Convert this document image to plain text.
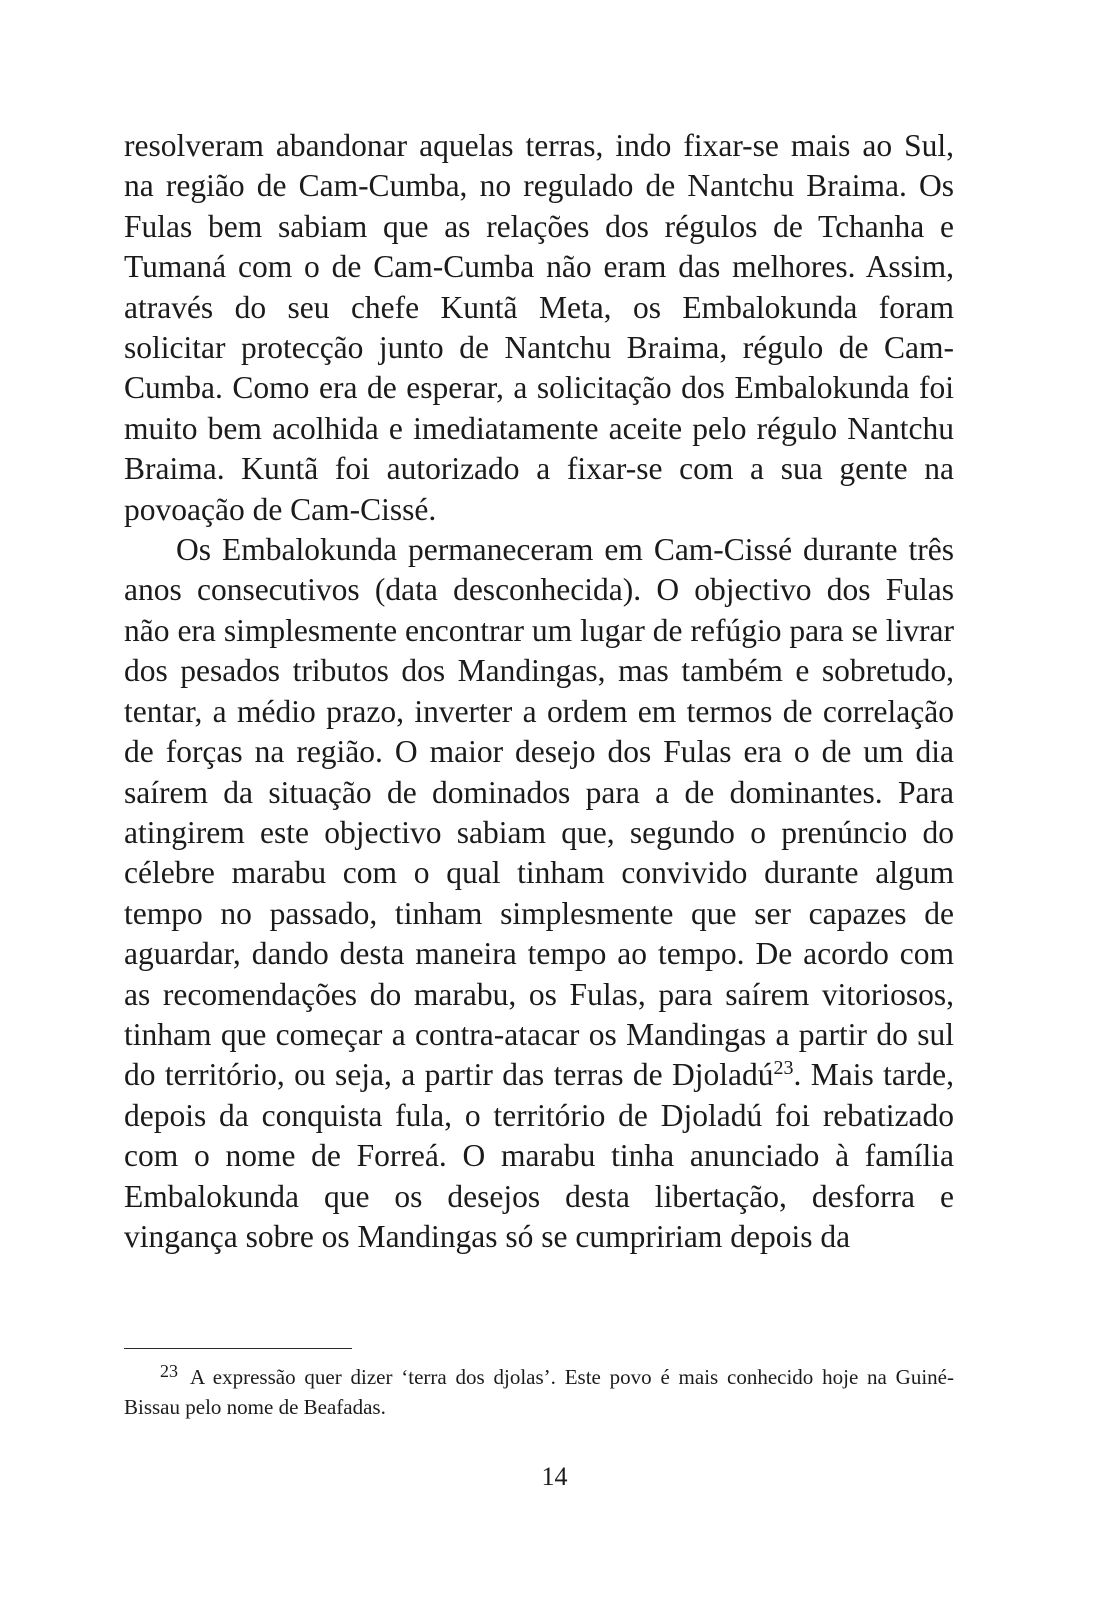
resolveram abandonar aquelas terras, indo fixar-se mais ao Sul, na região de Cam-Cumba, no regulado de Nantchu Braima. Os Fulas bem sabiam que as relações dos régulos de Tchanha e Tumaná com o de Cam-Cumba não eram das melhores. Assim, através do seu chefe Kuntã Meta, os Embalokunda foram solicitar protecção junto de Nantchu Braima, régulo de Cam-Cumba. Como era de esperar, a solicitação dos Embalokunda foi muito bem acolhida e imediatamente aceite pelo régulo Nantchu Braima. Kuntã foi autorizado a fixar-se com a sua gente na povoação de Cam-Cissé.

Os Embalokunda permaneceram em Cam-Cissé durante três anos consecutivos (data desconhecida). O objectivo dos Fulas não era simplesmente encontrar um lugar de refúgio para se livrar dos pesados tributos dos Mandingas, mas também e sobretudo, tentar, a médio prazo, inverter a ordem em termos de correlação de forças na região. O maior desejo dos Fulas era o de um dia saírem da situação de dominados para a de dominantes. Para atingirem este objectivo sabiam que, segundo o prenúncio do célebre marabu com o qual tinham convivido durante algum tempo no passado, tinham simplesmente que ser capazes de aguardar, dando desta maneira tempo ao tempo. De acordo com as recomendações do marabu, os Fulas, para saírem vitoriosos, tinham que começar a contra-atacar os Mandingas a partir do sul do território, ou seja, a partir das terras de Djoladú$^{23}$. Mais tarde, depois da conquista fula, o território de Djoladú foi rebatizado com o nome de Forreá. O marabu tinha anunciado à família Embalokunda que os desejos desta libertação, desforra e vingança sobre os Mandingas só se cumpririam depois da

$^{23}$ A expressão quer dizer ‘terra dos djolas’. Este povo é mais conhecido hoje na Guiné-Bissau pelo nome de Beafadas.

14
